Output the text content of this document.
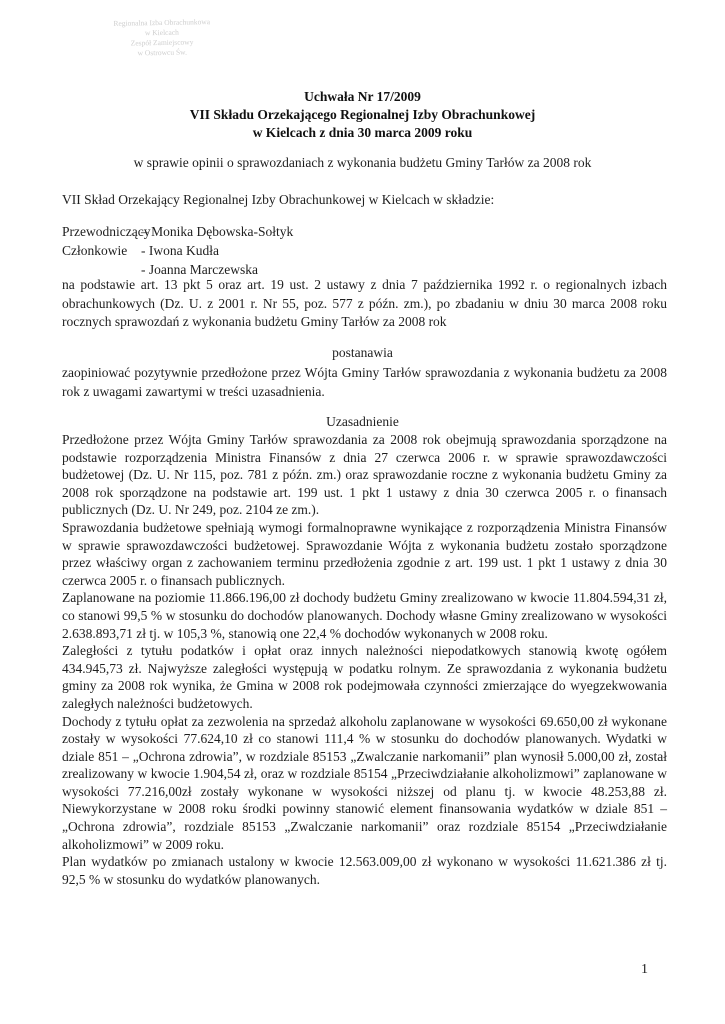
Regionalna Izba Obrachunkowa
w Kielcach
Zespół Zamiejscowy
w Ostrowcu Św.
Uchwała Nr 17/2009
VII Składu Orzekającego Regionalnej Izby Obrachunkowej
w Kielcach z dnia 30 marca 2009 roku
w sprawie opinii o sprawozdaniach z wykonania budżetu Gminy Tarłów za 2008 rok
VII Skład Orzekający Regionalnej Izby Obrachunkowej w Kielcach w składzie:
Przewodniczący
– Monika Dębowska-Sołtyk
Członkowie	- Iwona Kudła
- Joanna Marczewska
na podstawie art. 13 pkt 5 oraz art. 19 ust. 2 ustawy z dnia 7 października 1992 r. o regionalnych izbach obrachunkowych (Dz. U. z 2001 r. Nr 55, poz. 577 z późn. zm.), po zbadaniu w dniu 30 marca 2008 roku rocznych sprawozdań z wykonania budżetu Gminy Tarłów za 2008 rok
postanawia
zaopiniować pozytywnie przedłożone przez Wójta Gminy Tarłów sprawozdania z wykonania budżetu za 2008 rok z uwagami zawartymi w treści uzasadnienia.
Uzasadnienie
Przedłożone przez Wójta Gminy Tarłów sprawozdania za 2008 rok obejmują sprawozdania sporządzone na podstawie rozporządzenia Ministra Finansów z dnia 27 czerwca 2006 r. w sprawie sprawozdawczości budżetowej (Dz. U. Nr 115, poz. 781 z późn. zm.) oraz sprawozdanie roczne z wykonania budżetu Gminy za 2008 rok sporządzone na podstawie art. 199 ust. 1 pkt 1 ustawy z dnia 30 czerwca 2005 r. o finansach publicznych (Dz. U. Nr 249, poz. 2104 ze zm.).
Sprawozdania budżetowe spełniają wymogi formalnoprawne wynikające z rozporządzenia Ministra Finansów w sprawie sprawozdawczości budżetowej. Sprawozdanie Wójta z wykonania budżetu zostało sporządzone przez właściwy organ z zachowaniem terminu przedłożenia zgodnie z art. 199 ust. 1 pkt 1 ustawy z dnia 30 czerwca 2005 r. o finansach publicznych.
Zaplanowane na poziomie 11.866.196,00 zł dochody budżetu Gminy zrealizowano w kwocie 11.804.594,31 zł, co stanowi 99,5 % w stosunku do dochodów planowanych. Dochody własne Gminy zrealizowano w wysokości 2.638.893,71 zł tj. w 105,3 %, stanowią one 22,4 % dochodów wykonanych w 2008 roku.
Zaległości z tytułu podatków i opłat oraz innych należności niepodatkowych stanowią kwotę ogółem 434.945,73 zł. Najwyższe zaległości występują w podatku rolnym. Ze sprawozdania z wykonania budżetu gminy za 2008 rok wynika, że Gmina w 2008 rok podejmowała czynności zmierzające do wyegzekwowania zaległych należności budżetowych.
Dochody z tytułu opłat za zezwolenia na sprzedaż alkoholu zaplanowane w wysokości 69.650,00 zł wykonane zostały w wysokości 77.624,10 zł co stanowi 111,4 % w stosunku do dochodów planowanych. Wydatki w dziale 851 – „Ochrona zdrowia”, w rozdziale 85153 „Zwalczanie narkomanii” plan wynosił 5.000,00 zł, został zrealizowany w kwocie 1.904,54 zł, oraz w rozdziale 85154 „Przeciwdziałanie alkoholizmowi” zaplanowane w wysokości 77.216,00zł zostały wykonane w wysokości niższej od planu tj. w kwocie 48.253,88 zł. Niewykorzystane w 2008 roku środki powinny stanowić element finansowania wydatków w dziale 851 – „Ochrona zdrowia”, rozdziale 85153 „Zwalczanie narkomanii” oraz rozdziale 85154 „Przeciwdziałanie alkoholizmowi” w 2009 roku.
Plan wydatków po zmianach ustalony w kwocie 12.563.009,00 zł wykonano w wysokości 11.621.386 zł tj. 92,5 % w stosunku do wydatków planowanych.
1
